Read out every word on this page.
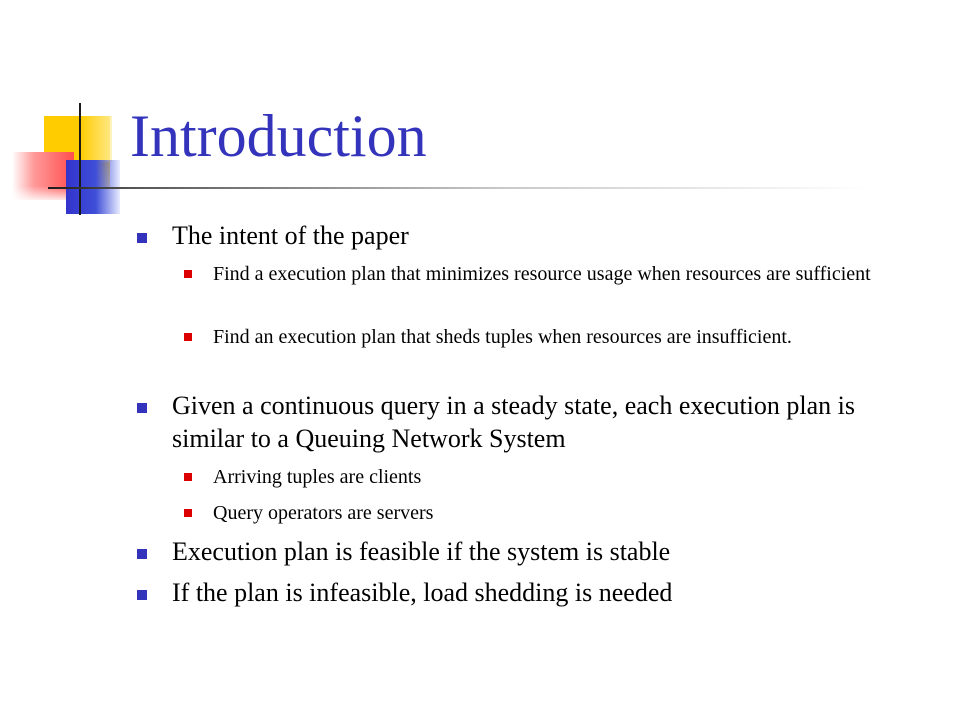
Introduction
The intent of the paper
Find a execution plan that minimizes resource usage when resources are sufficient
Find an execution plan that sheds tuples when resources are insufficient.
Given a continuous query in a steady state, each execution plan is similar to a Queuing Network System
Arriving tuples are clients
Query operators are servers
Execution plan is feasible if the system is stable
If the plan is infeasible, load shedding is needed
